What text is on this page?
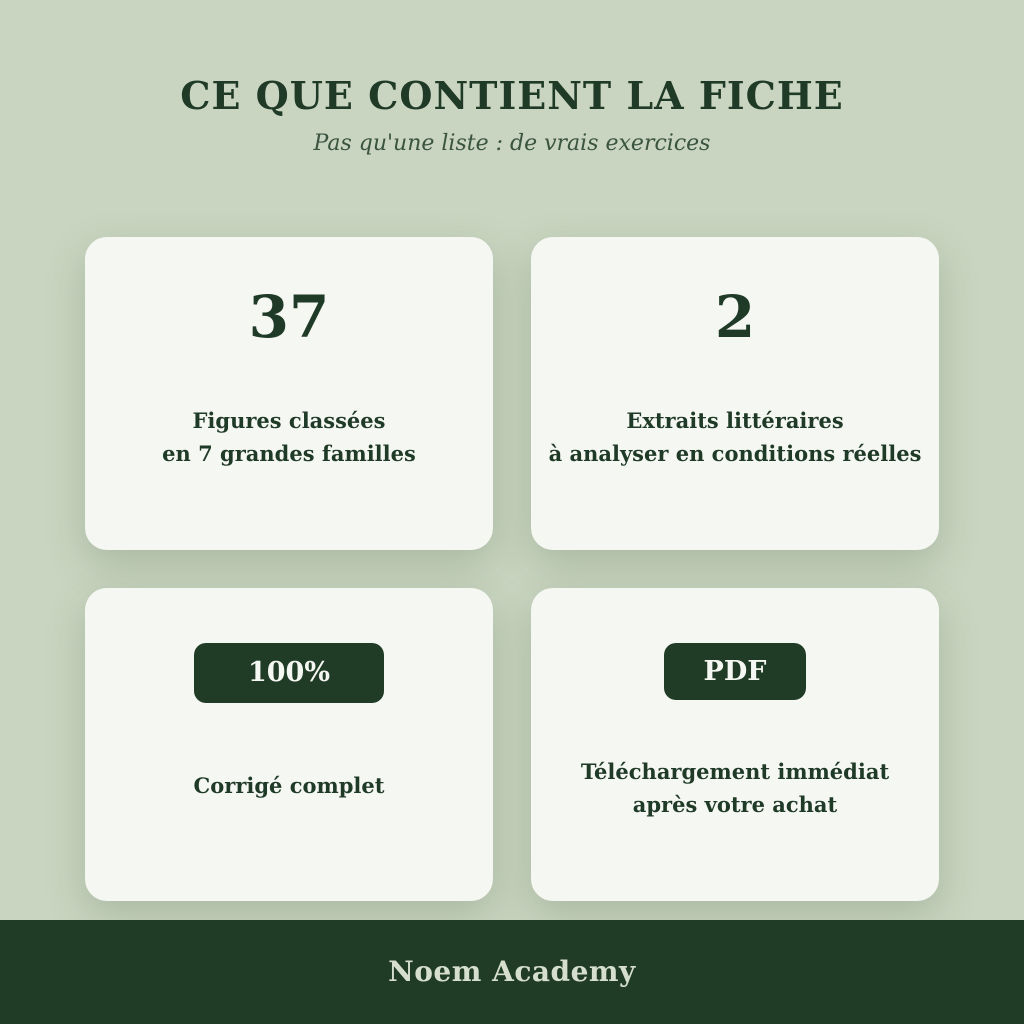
CE QUE CONTIENT LA FICHE
Pas qu'une liste : de vrais exercices
37
Figures classées
en 7 grandes familles
2
Extraits littéraires
à analyser en conditions réelles
100%
Corrigé complet
PDF
Téléchargement immédiat
après votre achat
Noem Academy
